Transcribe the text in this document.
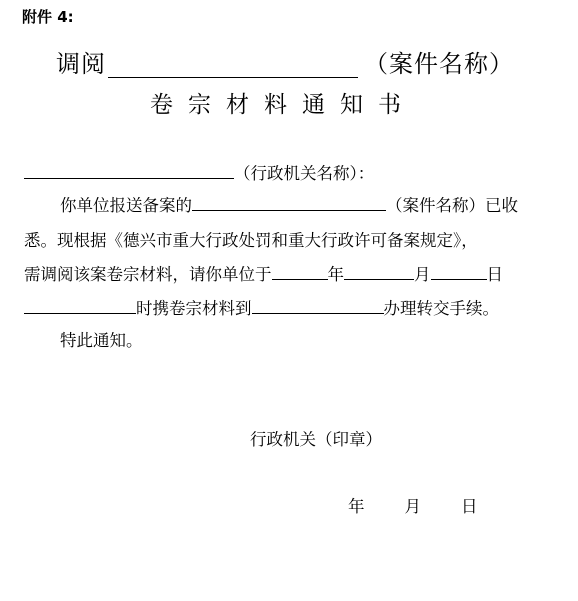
附件 4:
调阅	（案件名称）
卷宗材料通知书
（行政机关名称）：
你单位报送备案的	（案件名称）已收
悉。现根据《德兴市重大行政处罚和重大行政许可备案规定》，
需调阅该案卷宗材料，请你单位于	年	月	日
时携卷宗材料到	办理转交手续。
特此通知。
行政机关（印章）
年 月 日
